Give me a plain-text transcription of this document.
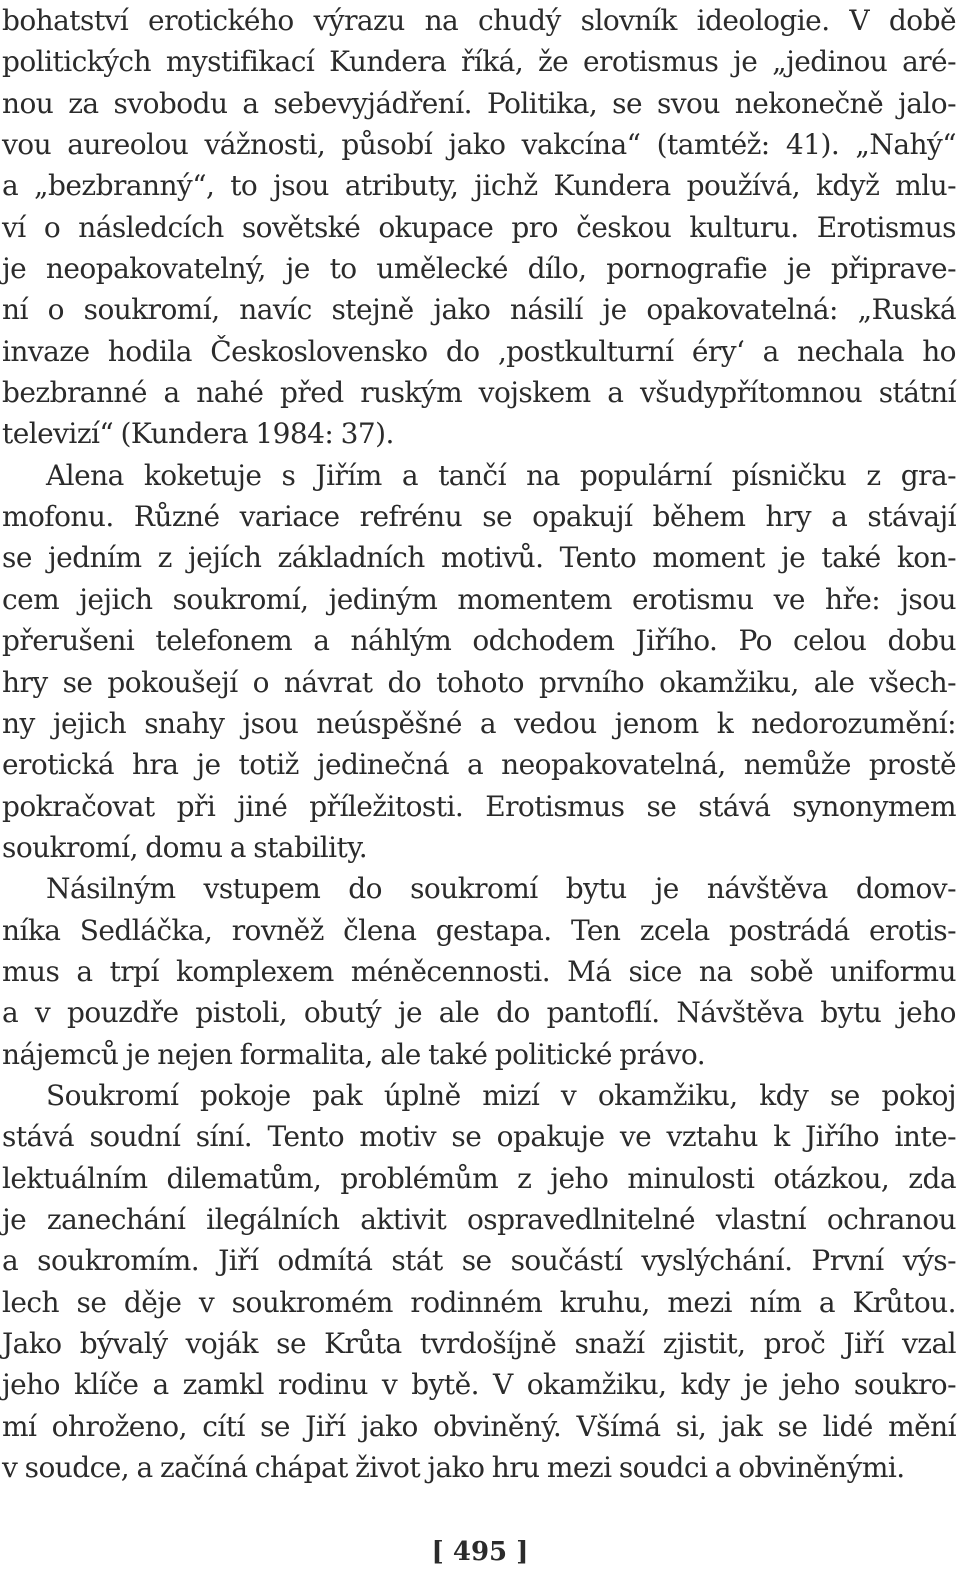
bohatství erotického výrazu na chudý slovník ideologie. V době
politických mystifikací Kundera říká, že erotismus je „jedinou aré-
nou za svobodu a sebevyjádření. Politika, se svou nekonečně jalo-
vou aureolou vážnosti, působí jako vakcína“ (tamtéž: 41). „Nahý“
a „bezbranný“, to jsou atributy, jichž Kundera používá, když mlu-
ví o následcích sovětské okupace pro českou kulturu. Erotismus
je neopakovatelný, je to umělecké dílo, pornografie je připrave-
ní o soukromí, navíc stejně jako násilí je opakovatelná: „Ruská
invaze hodila Československo do ‚postkulturní éry‘ a nechala ho
bezbranné a nahé před ruským vojskem a všudypřítomnou státní
televizí“ (Kundera 1984: 37).
Alena koketuje s Jiřím a tančí na populární písničku z gra-
mofonu. Různé variace refrénu se opakují během hry a stávají
se jedním z jejích základních motivů. Tento moment je také kon-
cem jejich soukromí, jediným momentem erotismu ve hře: jsou
přerušeni telefonem a náhlým odchodem Jiřího. Po celou dobu
hry se pokoušejí o návrat do tohoto prvního okamžiku, ale všech-
ny jejich snahy jsou neúspěšné a vedou jenom k nedorozumění:
erotická hra je totiž jedinečná a neopakovatelná, nemůže prostě
pokračovat při jiné příležitosti. Erotismus se stává synonymem
soukromí, domu a stability.
Násilným vstupem do soukromí bytu je návštěva domov-
níka Sedláčka, rovněž člena gestapa. Ten zcela postrádá erotis-
mus a trpí komplexem méněcennosti. Má sice na sobě uniformu
a v pouzdře pistoli, obutý je ale do pantoflí. Návštěva bytu jeho
nájemců je nejen formalita, ale také politické právo.
Soukromí pokoje pak úplně mizí v okamžiku, kdy se pokoj
stává soudní síní. Tento motiv se opakuje ve vztahu k Jiřího inte-
lektuálním dilematům, problémům z jeho minulosti otázkou, zda
je zanechání ilegálních aktivit ospravedlnitelné vlastní ochranou
a soukromím. Jiří odmítá stát se součástí vyslýchání. První výs-
lech se děje v soukromém rodinném kruhu, mezi ním a Krůtou.
Jako bývalý voják se Krůta tvrdošíjně snaží zjistit, proč Jiří vzal
jeho klíče a zamkl rodinu v bytě. V okamžiku, kdy je jeho soukro-
mí ohroženo, cítí se Jiří jako obviněný. Všímá si, jak se lidé mění
v soudce, a začíná chápat život jako hru mezi soudci a obviněnými.
[ 495 ]
